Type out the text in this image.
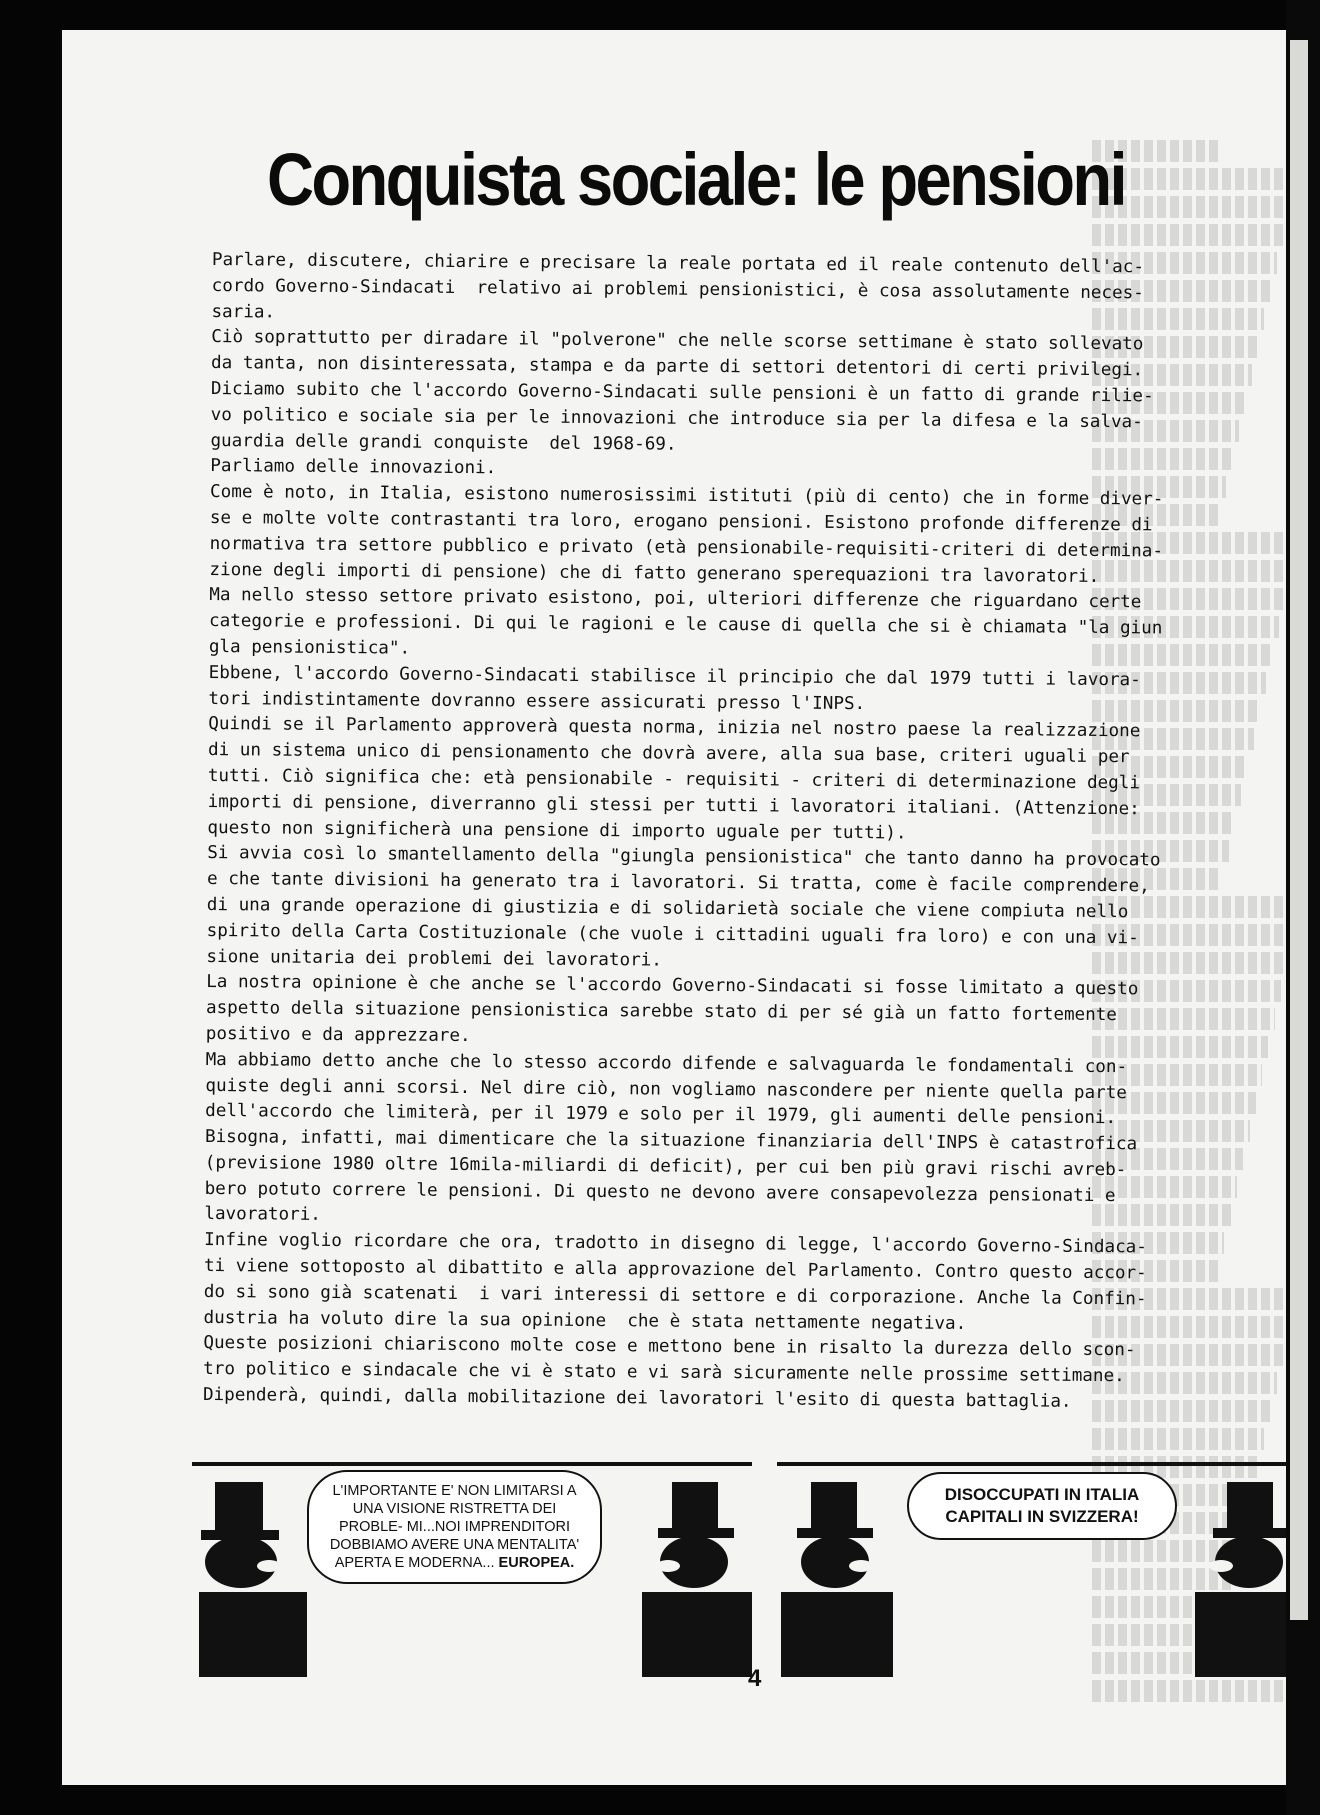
Conquista sociale: le pensioni

Parlare, discutere, chiarire e precisare la reale portata ed il reale contenuto dell'ac-

cordo Governo-Sindacati  relativo ai problemi pensionistici, è cosa assolutamente neces-

saria.

Ciò soprattutto per diradare il "polverone" che nelle scorse settimane è stato sollevato

da tanta, non disinteressata, stampa e da parte di settori detentori di certi privilegi.

Diciamo subito che l'accordo Governo-Sindacati sulle pensioni è un fatto di grande rilie-

vo politico e sociale sia per le innovazioni che introduce sia per la difesa e la salva-

guardia delle grandi conquiste  del 1968-69.

Parliamo delle innovazioni.

Come è noto, in Italia, esistono numerosissimi istituti (più di cento) che in forme diver-

se e molte volte contrastanti tra loro, erogano pensioni. Esistono profonde differenze di

normativa tra settore pubblico e privato (età pensionabile-requisiti-criteri di determina-

zione degli importi di pensione) che di fatto generano sperequazioni tra lavoratori.

Ma nello stesso settore privato esistono, poi, ulteriori differenze che riguardano certe

categorie e professioni. Di qui le ragioni e le cause di quella che si è chiamata "la giun

gla pensionistica".

Ebbene, l'accordo Governo-Sindacati stabilisce il principio che dal 1979 tutti i lavora-

tori indistintamente dovranno essere assicurati presso l'INPS.

Quindi se il Parlamento approverà questa norma, inizia nel nostro paese la realizzazione

di un sistema unico di pensionamento che dovrà avere, alla sua base, criteri uguali per

tutti. Ciò significa che: età pensionabile - requisiti - criteri di determinazione degli

importi di pensione, diverranno gli stessi per tutti i lavoratori italiani. (Attenzione:

questo non significherà una pensione di importo uguale per tutti).

Si avvia così lo smantellamento della "giungla pensionistica" che tanto danno ha provocato

e che tante divisioni ha generato tra i lavoratori. Si tratta, come è facile comprendere,

di una grande operazione di giustizia e di solidarietà sociale che viene compiuta nello

spirito della Carta Costituzionale (che vuole i cittadini uguali fra loro) e con una vi-

sione unitaria dei problemi dei lavoratori.

La nostra opinione è che anche se l'accordo Governo-Sindacati si fosse limitato a questo

aspetto della situazione pensionistica sarebbe stato di per sé già un fatto fortemente

positivo e da apprezzare.

Ma abbiamo detto anche che lo stesso accordo difende e salvaguarda le fondamentali con-

quiste degli anni scorsi. Nel dire ciò, non vogliamo nascondere per niente quella parte

dell'accordo che limiterà, per il 1979 e solo per il 1979, gli aumenti delle pensioni.

Bisogna, infatti, mai dimenticare che la situazione finanziaria dell'INPS è catastrofica

(previsione 1980 oltre 16mila-miliardi di deficit), per cui ben più gravi rischi avreb-

bero potuto correre le pensioni. Di questo ne devono avere consapevolezza pensionati e

lavoratori.

Infine voglio ricordare che ora, tradotto in disegno di legge, l'accordo Governo-Sindaca-

ti viene sottoposto al dibattito e alla approvazione del Parlamento. Contro questo accor-

do si sono già scatenati  i vari interessi di settore e di corporazione. Anche la Confin-

dustria ha voluto dire la sua opinione  che è stata nettamente negativa.

Queste posizioni chiariscono molte cose e mettono bene in risalto la durezza dello scon-

tro politico e sindacale che vi è stato e vi sarà sicuramente nelle prossime settimane.

Dipenderà, quindi, dalla mobilitazione dei lavoratori l'esito di questa battaglia.

L'IMPORTANTE E' NON LIMITARSI A UNA VISIONE RISTRETTA DEI PROBLE- MI...NOI IMPRENDITORI DOBBIAMO AVERE UNA MENTALITA' APERTA E MODERNA... EUROPEA.
DISOCCUPATI IN ITALIA
CAPITALI IN SVIZZERA!
4
